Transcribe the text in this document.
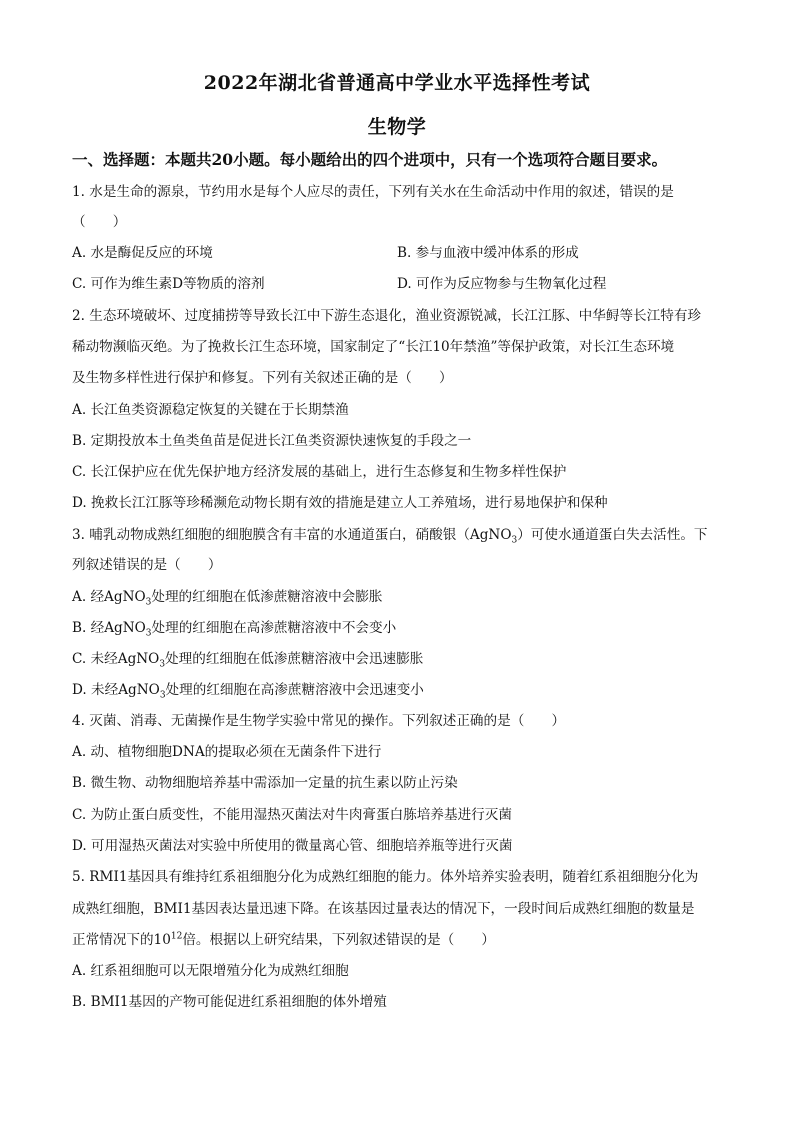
2022年湖北省普通高中学业水平选择性考试
生物学
一、选择题：本题共20小题。每小题给出的四个进项中，只有一个选项符合题目要求。
1. 水是生命的源泉，节约用水是每个人应尽的责任，下列有关水在生命活动中作用的叙述，错误的是
（　　）
A. 水是酶促反应的环境	B. 参与血液中缓冲体系的形成
C. 可作为维生素D等物质的溶剂	D. 可作为反应物参与生物氧化过程
2. 生态环境破坏、过度捕捞等导致长江中下游生态退化，渔业资源锐减，长江江豚、中华鲟等长江特有珍
稀动物濒临灭绝。为了挽救长江生态环境，国家制定了“长江10年禁渔”等保护政策，对长江生态环境
及生物多样性进行保护和修复。下列有关叙述正确的是（　　）
A. 长江鱼类资源稳定恢复的关键在于长期禁渔
B. 定期投放本土鱼类鱼苗是促进长江鱼类资源快速恢复的手段之一
C. 长江保护应在优先保护地方经济发展的基础上，进行生态修复和生物多样性保护
D. 挽救长江江豚等珍稀濒危动物长期有效的措施是建立人工养殖场，进行易地保护和保种
3. 哺乳动物成熟红细胞的细胞膜含有丰富的水通道蛋白，硝酸银（AgNO$_3$）可使水通道蛋白失去活性。下
列叙述错误的是（　　）
A. 经AgNO$_3$处理的红细胞在低渗蔗糖溶液中会膨胀
B. 经AgNO$_3$处理的红细胞在高渗蔗糖溶液中不会变小
C. 未经AgNO$_3$处理的红细胞在低渗蔗糖溶液中会迅速膨胀
D. 未经AgNO$_3$处理的红细胞在高渗蔗糖溶液中会迅速变小
4. 灭菌、消毒、无菌操作是生物学实验中常见的操作。下列叙述正确的是（　　）
A. 动、植物细胞DNA的提取必须在无菌条件下进行
B. 微生物、动物细胞培养基中需添加一定量的抗生素以防止污染
C. 为防止蛋白质变性，不能用湿热灭菌法对牛肉膏蛋白胨培养基进行灭菌
D. 可用湿热灭菌法对实验中所使用的微量离心管、细胞培养瓶等进行灭菌
5. RMI1基因具有维持红系祖细胞分化为成熟红细胞的能力。体外培养实验表明，随着红系祖细胞分化为
成熟红细胞，BMI1基因表达量迅速下降。在该基因过量表达的情况下，一段时间后成熟红细胞的数量是
正常情况下的$10^{12}$倍。根据以上研究结果，下列叙述错误的是（　　）
A. 红系祖细胞可以无限增殖分化为成熟红细胞
B. BMI1基因的产物可能促进红系祖细胞的体外增殖
